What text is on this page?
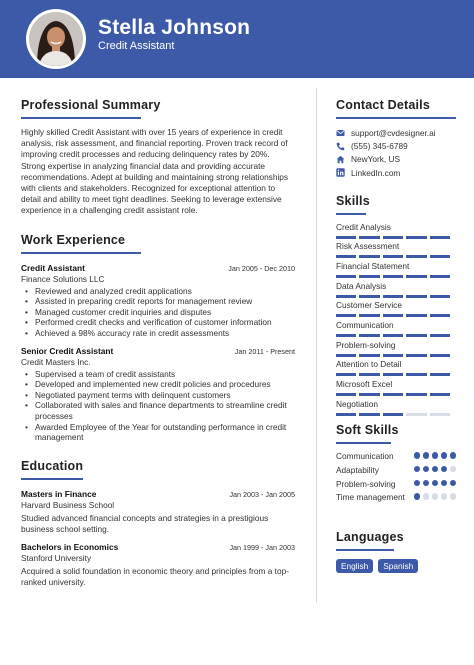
Stella Johnson
Credit Assistant
Professional Summary
Highly skilled Credit Assistant with over 15 years of experience in credit analysis, risk assessment, and financial reporting. Proven track record of improving credit processes and reducing delinquency rates by 20%. Strong expertise in analyzing financial data and providing accurate recommendations. Adept at building and maintaining strong relationships with clients and stakeholders. Recognized for exceptional attention to detail and ability to meet tight deadlines. Seeking to leverage extensive experience in a challenging credit assistant role.
Work Experience
Credit Assistant	Jan 2005 - Dec 2010
Finance Solutions LLC
• Reviewed and analyzed credit applications
• Assisted in preparing credit reports for management review
• Managed customer credit inquiries and disputes
• Performed credit checks and verification of customer information
• Achieved a 98% accuracy rate in credit assessments
Senior Credit Assistant	Jan 2011 - Present
Credit Masters Inc.
• Supervised a team of credit assistants
• Developed and implemented new credit policies and procedures
• Negotiated payment terms with delinquent customers
• Collaborated with sales and finance departments to streamline credit processes
• Awarded Employee of the Year for outstanding performance in credit management
Education
Masters in Finance	Jan 2003 - Jan 2005
Harvard Business School
Studied advanced financial concepts and strategies in a prestigious business school setting.
Bachelors in Economics	Jan 1999 - Jan 2003
Stanford University
Acquired a solid foundation in economic theory and principles from a top-ranked university.
Contact Details
support@cvdesigner.ai
(555) 345-6789
NewYork, US
LinkedIn.com
Skills
Credit Analysis
Risk Assessment
Financial Statement
Data Analysis
Customer Service
Communication
Problem-solving
Attention to Detail
Microsoft Excel
Negotiation
Soft Skills
Communication
Adaptability
Problem-solving
Time management
Languages
English	Spanish
